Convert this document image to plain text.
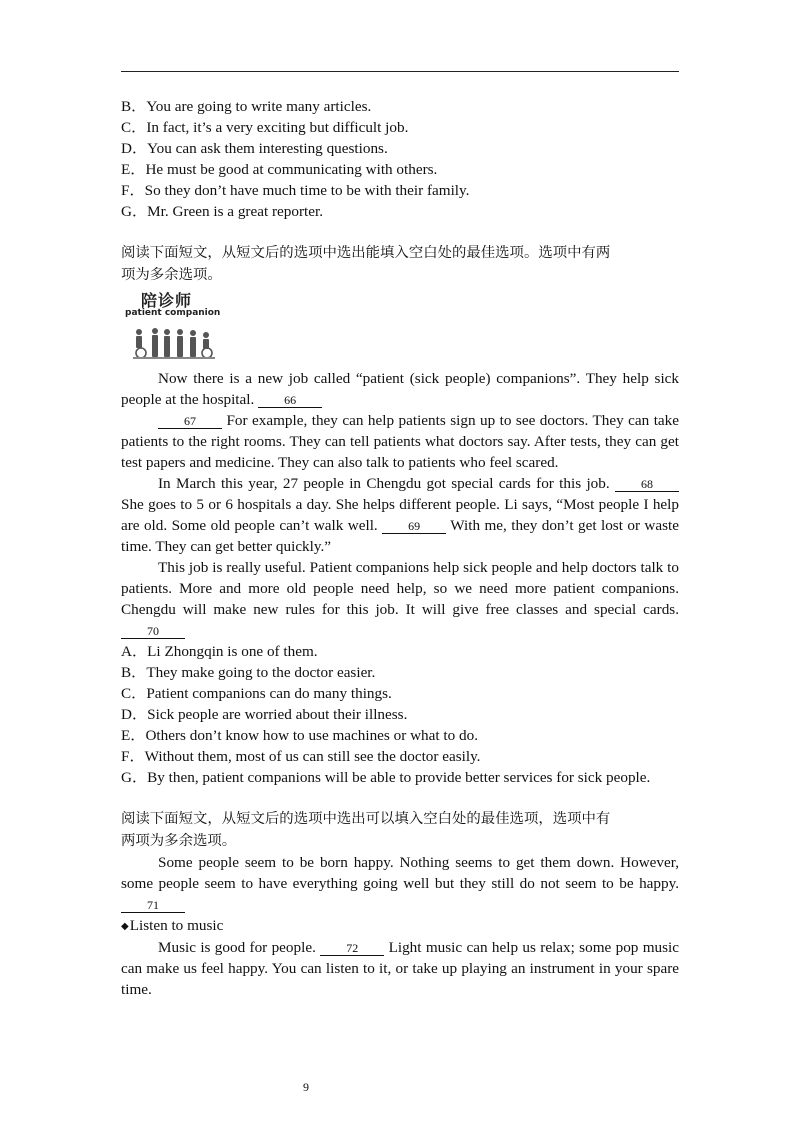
B．You are going to write many articles.
C．In fact, it’s a very exciting but difficult job.
D．You can ask them interesting questions.
E．He must be good at communicating with others.
F．So they don’t have much time to be with their family.
G．Mr. Green is a great reporter.
阅读下面短文，从短文后的选项中选出能填入空白处的最佳选项。选项中有两
项为多余选项。
陪诊师
patient companion
Now there is a new job called “patient (sick people) companions”. They help sick people at the hospital. 66
67 For example, they can help patients sign up to see doctors. They can take patients to the right rooms. They can tell patients what doctors say. After tests, they can get test papers and medicine. They can also talk to patients who feel scared.
In March this year, 27 people in Chengdu got special cards for this job.	68 She goes to 5 or 6 hospitals a day. She helps different people. Li says, “Most people I help are old. Some old people can’t walk well.	69 With me, they don’t get lost or waste time. They can get better quickly.”
This job is really useful. Patient companions help sick people and help doctors talk to patients. More and more old people need help, so we need more patient companions. Chengdu will make new rules for this job. It will give free classes and special cards. 70
A．Li Zhongqin is one of them.
B．They make going to the doctor easier.
C．Patient companions can do many things.
D．Sick people are worried about their illness.
E．Others don’t know how to use machines or what to do.
F．Without them, most of us can still see the doctor easily.
G．By then, patient companions will be able to provide better services for sick people.
阅读下面短文，从短文后的选项中选出可以填入空白处的最佳选项，选项中有
两项为多余选项。
Some people seem to be born happy. Nothing seems to get them down. However, some people seem to have everything going well but they still do not seem to be happy. 71
◆Listen to music
Music is good for people.	72 Light music can help us relax; some pop music can make us feel happy. You can listen to it, or take up playing an instrument in your spare time.
9
